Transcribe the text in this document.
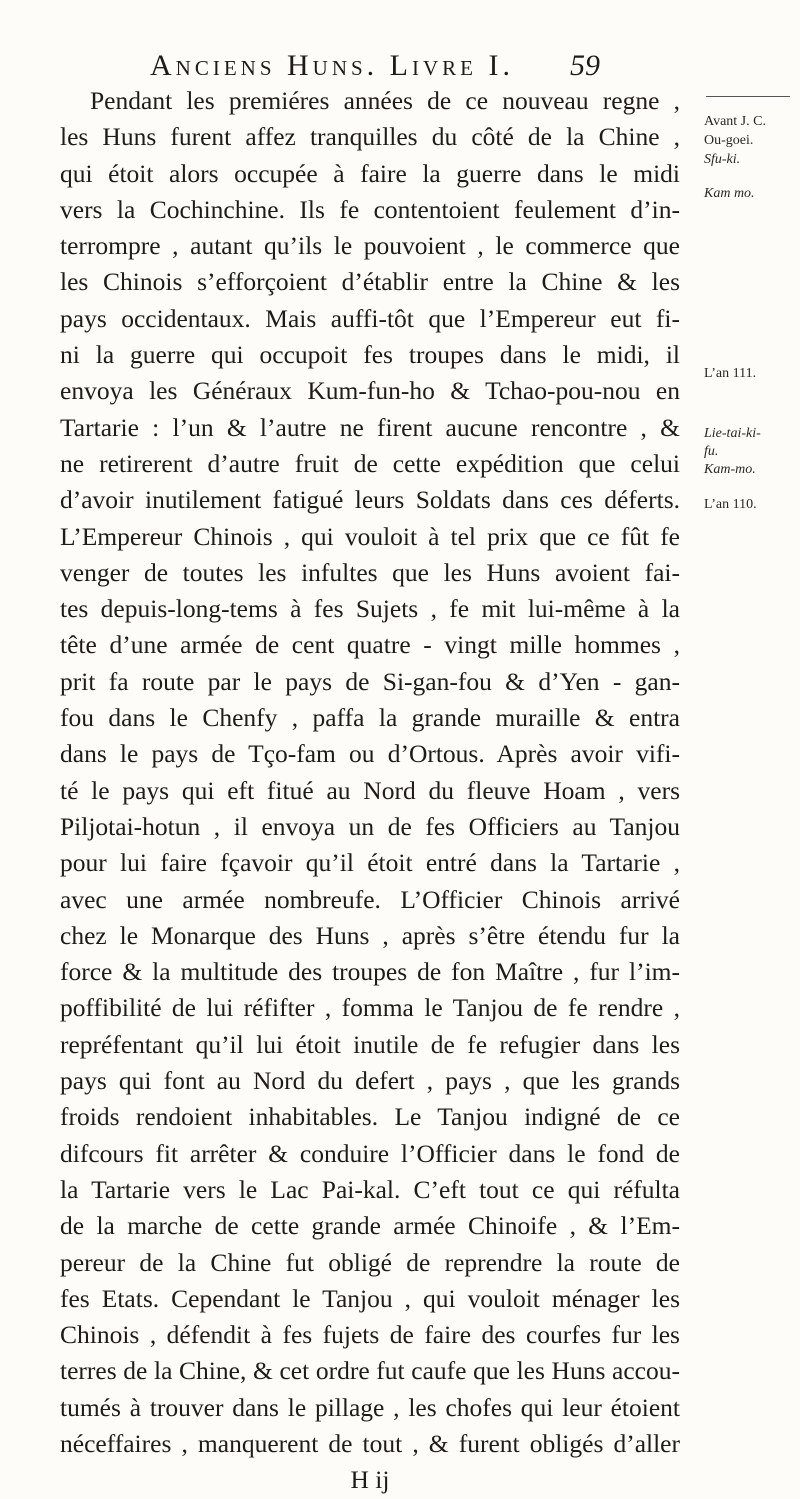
Anciens Huns. Livre I. 59
Pendant les premiéres années de ce nouveau regne ,
les Huns furent affez tranquilles du côté de la Chine ,
qui étoit alors occupée à faire la guerre dans le midi
vers la Cochinchine. Ils fe contentoient feulement d’in-
terrompre , autant qu’ils le pouvoient , le commerce que
les Chinois s’efforçoient d’établir entre la Chine & les
pays occidentaux. Mais auffi-tôt que l’Empereur eut fi-
ni la guerre qui occupoit fes troupes dans le midi, il
envoya les Généraux Kum-fun-ho & Tchao-pou-nou en
Tartarie : l’un & l’autre ne firent aucune rencontre , &
ne retirerent d’autre fruit de cette expédition que celui
d’avoir inutilement fatigué leurs Soldats dans ces déferts.
L’Empereur Chinois , qui vouloit à tel prix que ce fût fe
venger de toutes les infultes que les Huns avoient fai-
tes depuis-long-tems à fes Sujets , fe mit lui-même à la
tête d’une armée de cent quatre - vingt mille hommes ,
prit fa route par le pays de Si-gan-fou & d’Yen - gan-
fou dans le Chenfy , paffa la grande muraille & entra
dans le pays de Tço-fam ou d’Ortous. Après avoir vifi-
té le pays qui eft fitué au Nord du fleuve Hoam , vers
Piljotai-hotun , il envoya un de fes Officiers au Tanjou
pour lui faire fçavoir qu’il étoit entré dans la Tartarie ,
avec une armée nombreufe. L’Officier Chinois arrivé
chez le Monarque des Huns , après s’être étendu fur la
force & la multitude des troupes de fon Maître , fur l’im-
poffibilité de lui réfifter , fomma le Tanjou de fe rendre ,
repréfentant qu’il lui étoit inutile de fe refugier dans les
pays qui font au Nord du defert , pays , que les grands
froids rendoient inhabitables. Le Tanjou indigné de ce
difcours fit arrêter & conduire l’Officier dans le fond de
la Tartarie vers le Lac Pai-kal. C’eft tout ce qui réfulta
de la marche de cette grande armée Chinoife , & l’Em-
pereur de la Chine fut obligé de reprendre la route de
fes Etats. Cependant le Tanjou , qui vouloit ménager les
Chinois , défendit à fes fujets de faire des courfes fur les
terres de la Chine, & cet ordre fut caufe que les Huns accou-
tumés à trouver dans le pillage , les chofes qui leur étoient
néceffaires , manquerent de tout , & furent obligés d’aller
H ij
Avant J. C.
Ou-goei.
Sfu-ki.
Kam mo.
L’an 111.
Lie-tai-ki-
fu.
Kam-mo.
L’an 110.
